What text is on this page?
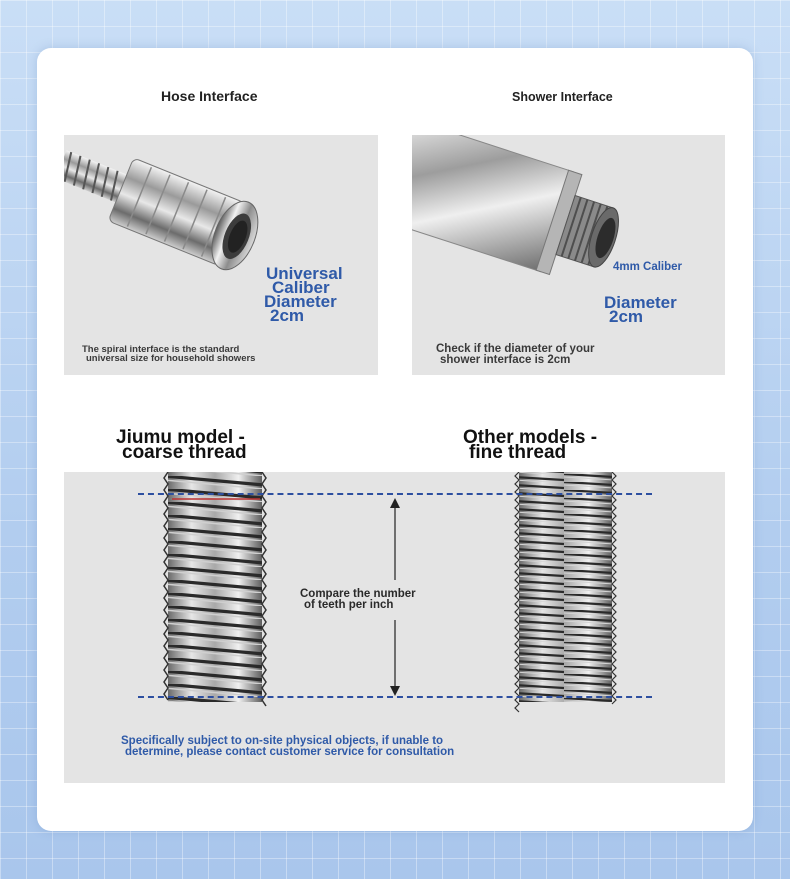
Hose Interface	Shower Interface
Universal
Caliber
Diameter
2cm
The spiral interface is the standard
universal size for household showers
4mm Caliber
Diameter
2cm
Check if the diameter of your
shower interface is 2cm
Jiumu model -
coarse thread
Other models -
fine thread
Compare the number
of teeth per inch
Specifically subject to on-site physical objects, if unable to
determine, please contact customer service for consultation
